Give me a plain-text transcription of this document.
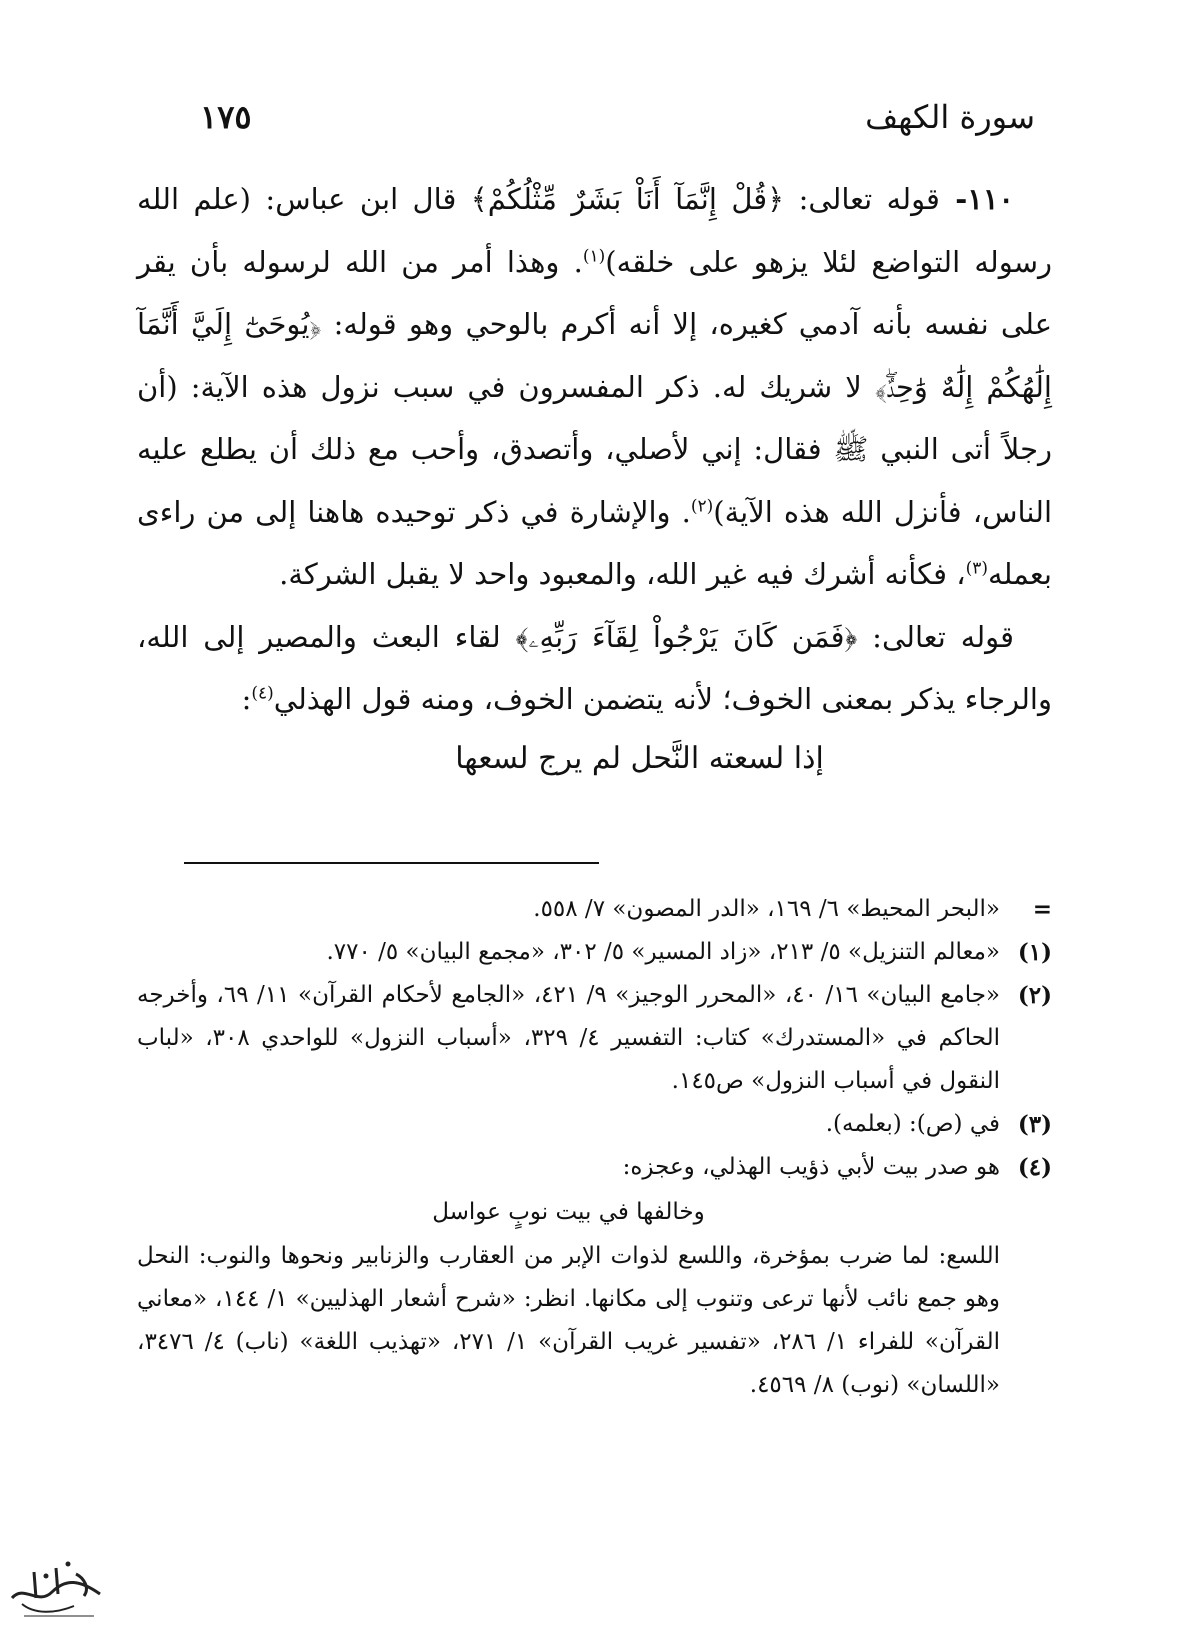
سورة الكهف
١٧٥

١١٠- قوله تعالى: ﴿قُلْ إِنَّمَآ أَنَاْ بَشَرٌ مِّثْلُكُمْ﴾ قال ابن عباس: (علم الله رسوله التواضع لئلا يزهو على خلقه)$^{(١)}$. وهذا أمر من الله لرسوله بأن يقر على نفسه بأنه آدمي كغيره، إلا أنه أكرم بالوحي وهو قوله: ﴿يُوحَىٰٓ إِلَيَّ أَنَّمَآ إِلَٰهُكُمْ إِلَٰهٌ وَٰحِدٌۖ﴾ لا شريك له. ذكر المفسرون في سبب نزول هذه الآية: (أن رجلاً أتى النبي ﷺ فقال: إني لأصلي، وأتصدق، وأحب مع ذلك أن يطلع عليه الناس، فأنزل الله هذه الآية)$^{(٢)}$. والإشارة في ذكر توحيده هاهنا إلى من راءى بعمله$^{(٣)}$، فكأنه أشرك فيه غير الله، والمعبود واحد لا يقبل الشركة.

قوله تعالى: ﴿فَمَن كَانَ يَرْجُواْ لِقَآءَ رَبِّهِۦ﴾ لقاء البعث والمصير إلى الله، والرجاء يذكر بمعنى الخوف؛ لأنه يتضمن الخوف، ومنه قول الهذلي$^{(٤)}$:

إذا لسعته النَّحل لم يرج لسعها

=
«البحر المحيط» ٦/ ١٦٩، «الدر المصون» ٧/ ٥٥٨.
(١)
«معالم التنزيل» ٥/ ٢١٣، «زاد المسير» ٥/ ٣٠٢، «مجمع البيان» ٥/ ٧٧٠.
(٢)
«جامع البيان» ١٦/ ٤٠، «المحرر الوجيز» ٩/ ٤٢١، «الجامع لأحكام القرآن» ١١/ ٦٩، وأخرجه الحاكم في «المستدرك» كتاب: التفسير ٤/ ٣٢٩، «أسباب النزول» للواحدي ٣٠٨، «لباب النقول في أسباب النزول» ص١٤٥.
(٣)
في (ص): (بعلمه).
(٤)
هو صدر بيت لأبي ذؤيب الهذلي، وعجزه:
وخالفها في بيت نوبٍ عواسل
اللسع: لما ضرب بمؤخرة، واللسع لذوات الإبر من العقارب والزنابير ونحوها والنوب: النحل وهو جمع نائب لأنها ترعى وتنوب إلى مكانها. انظر: «شرح أشعار الهذليين» ١/ ١٤٤، «معاني القرآن» للفراء ١/ ٢٨٦، «تفسير غريب القرآن» ١/ ٢٧١، «تهذيب اللغة» (ناب) ٤/ ٣٤٧٦، «اللسان» (نوب) ٨/ ٤٥٦٩.
